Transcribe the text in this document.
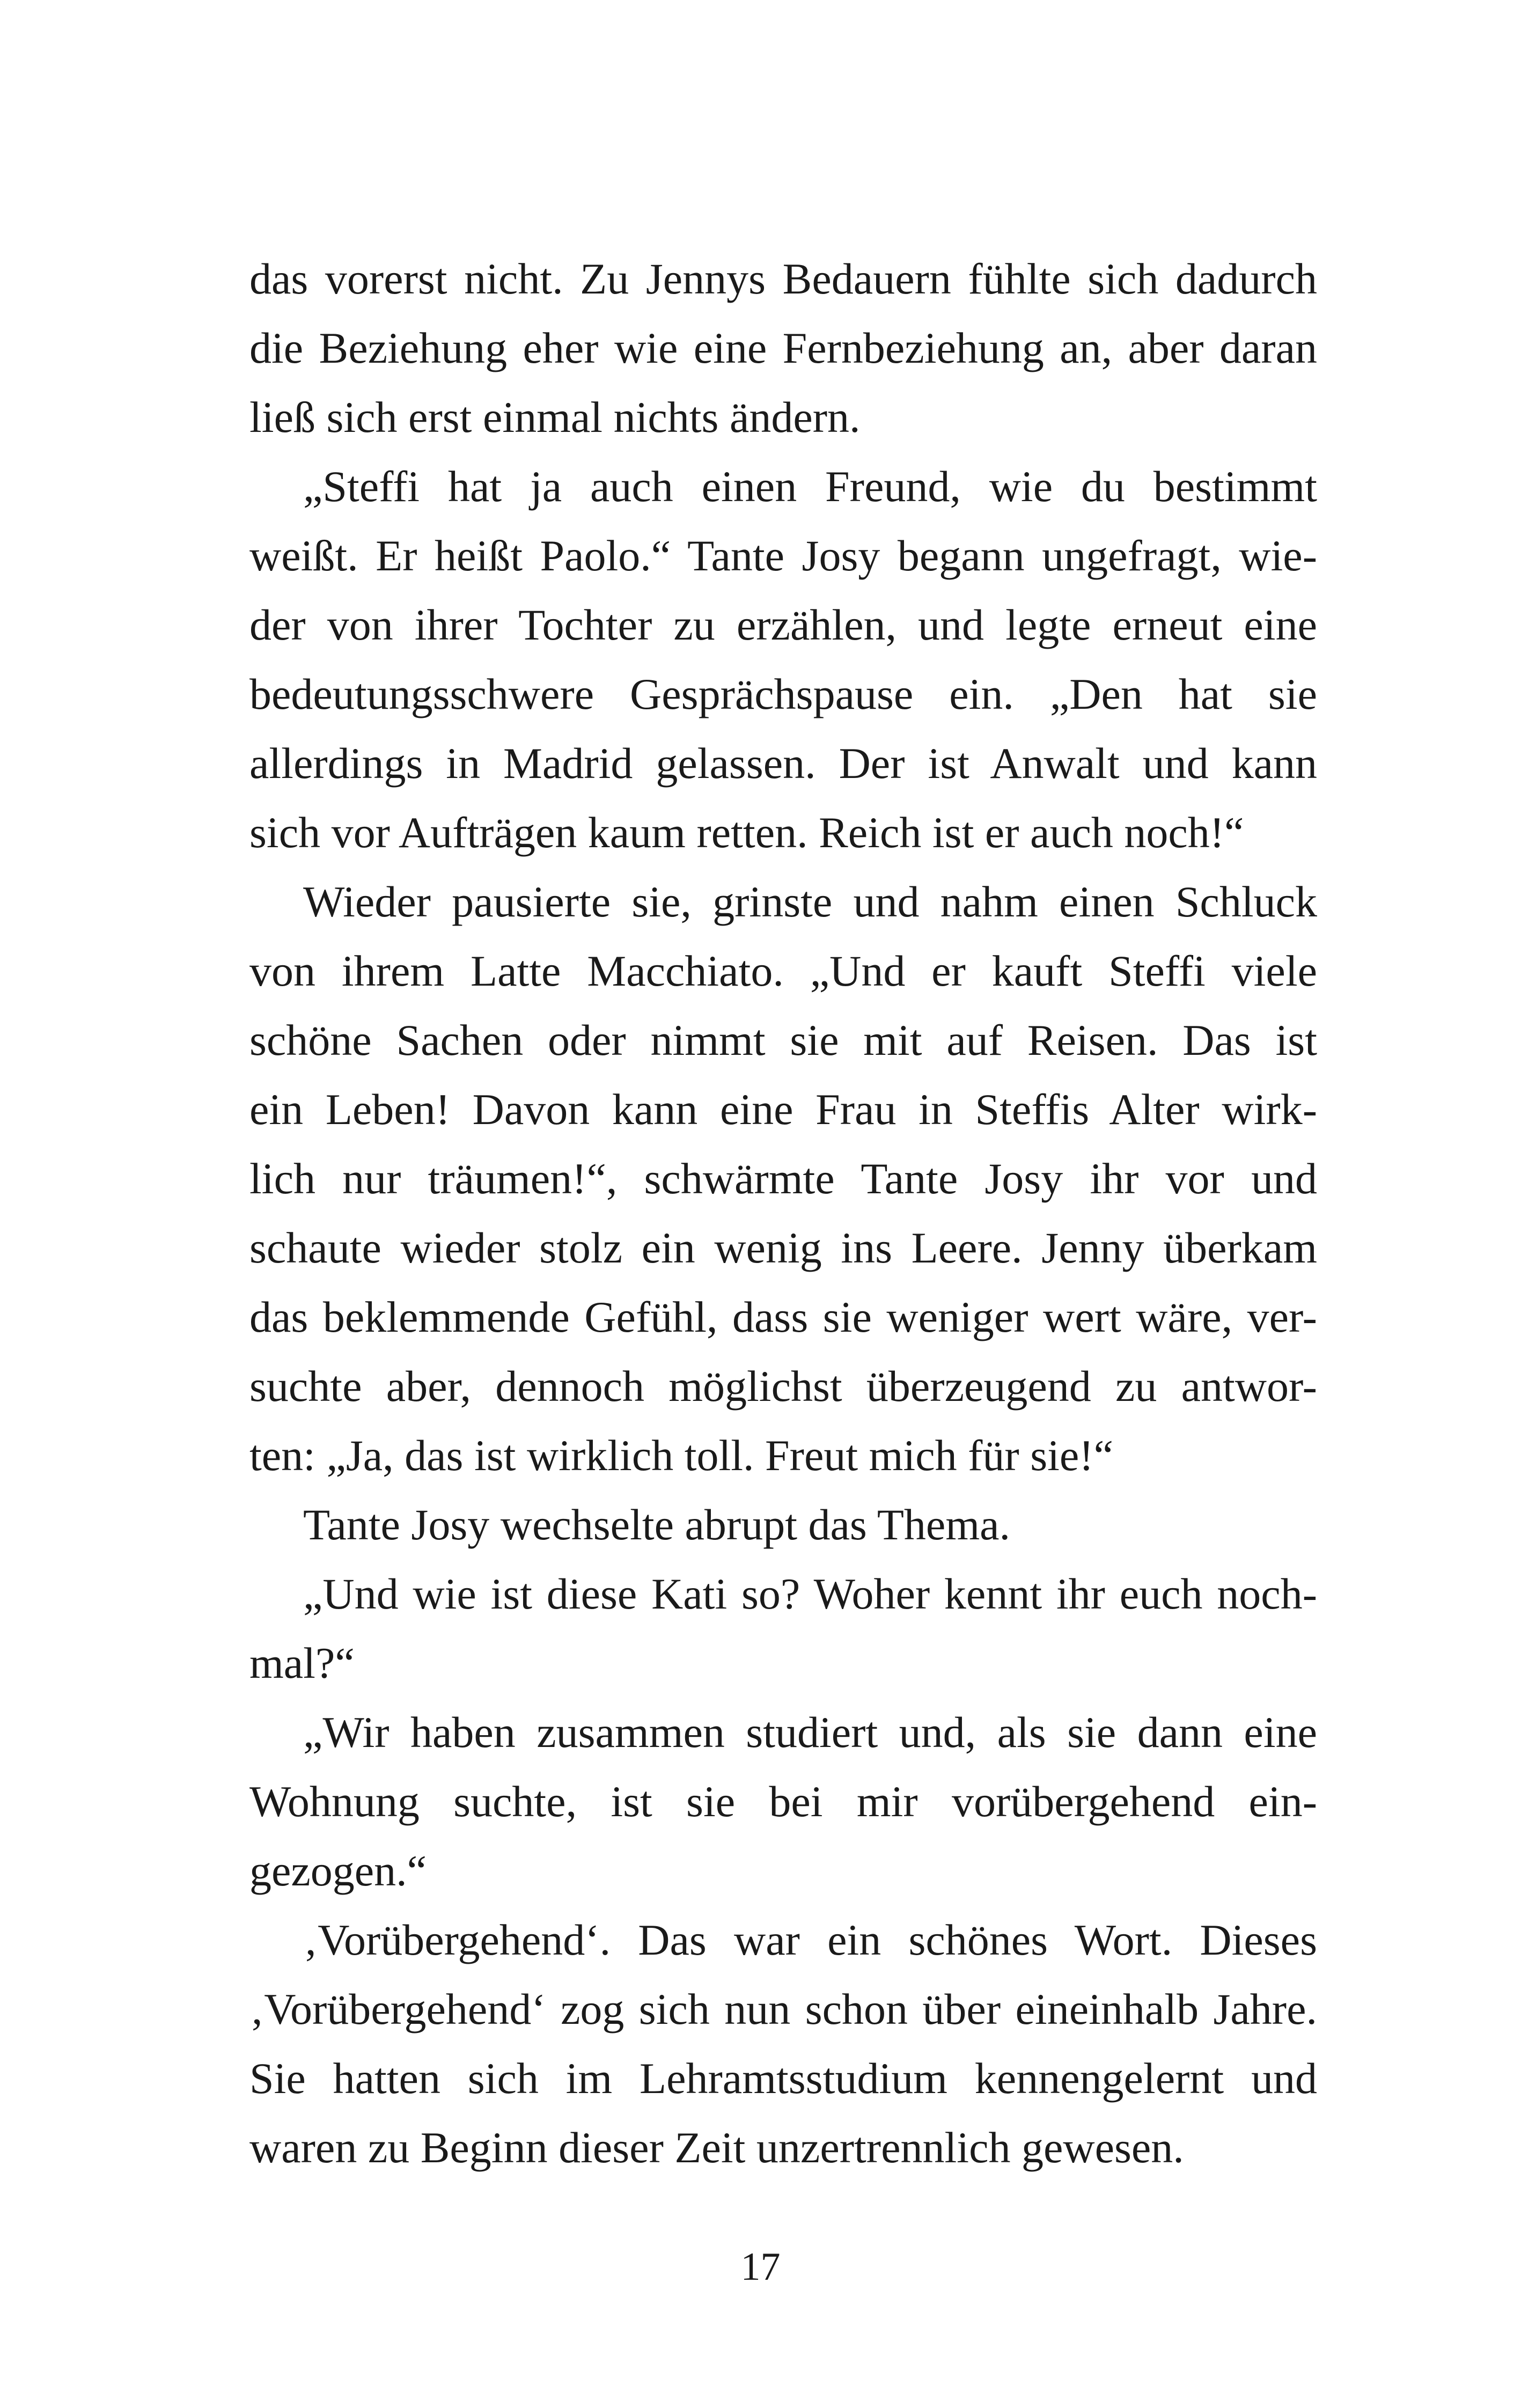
das vorerst nicht. Zu Jennys Bedauern fühlte sich dadurch
die Beziehung eher wie eine Fernbeziehung an, aber daran
ließ sich erst einmal nichts ändern.
„Steffi hat ja auch einen Freund, wie du bestimmt
weißt. Er heißt Paolo.“ Tante Josy begann ungefragt, wie-
der von ihrer Tochter zu erzählen, und legte erneut eine
bedeutungsschwere Gesprächspause ein. „Den hat sie
allerdings in Madrid gelassen. Der ist Anwalt und kann
sich vor Aufträgen kaum retten. Reich ist er auch noch!“
Wieder pausierte sie, grinste und nahm einen Schluck
von ihrem Latte Macchiato. „Und er kauft Steffi viele
schöne Sachen oder nimmt sie mit auf Reisen. Das ist
ein Leben! Davon kann eine Frau in Steffis Alter wirk-
lich nur träumen!“, schwärmte Tante Josy ihr vor und
schaute wieder stolz ein wenig ins Leere. Jenny überkam
das beklemmende Gefühl, dass sie weniger wert wäre, ver-
suchte aber, dennoch möglichst überzeugend zu antwor-
ten: „Ja, das ist wirklich toll. Freut mich für sie!“
Tante Josy wechselte abrupt das Thema.
„Und wie ist diese Kati so? Woher kennt ihr euch noch-
mal?“
„Wir haben zusammen studiert und, als sie dann eine
Wohnung suchte, ist sie bei mir vorübergehend ein-
gezogen.“
‚Vorübergehend‘. Das war ein schönes Wort. Dieses
‚Vorübergehend‘ zog sich nun schon über eineinhalb Jahre.
Sie hatten sich im Lehramtsstudium kennengelernt und
waren zu Beginn dieser Zeit unzertrennlich gewesen.
17
